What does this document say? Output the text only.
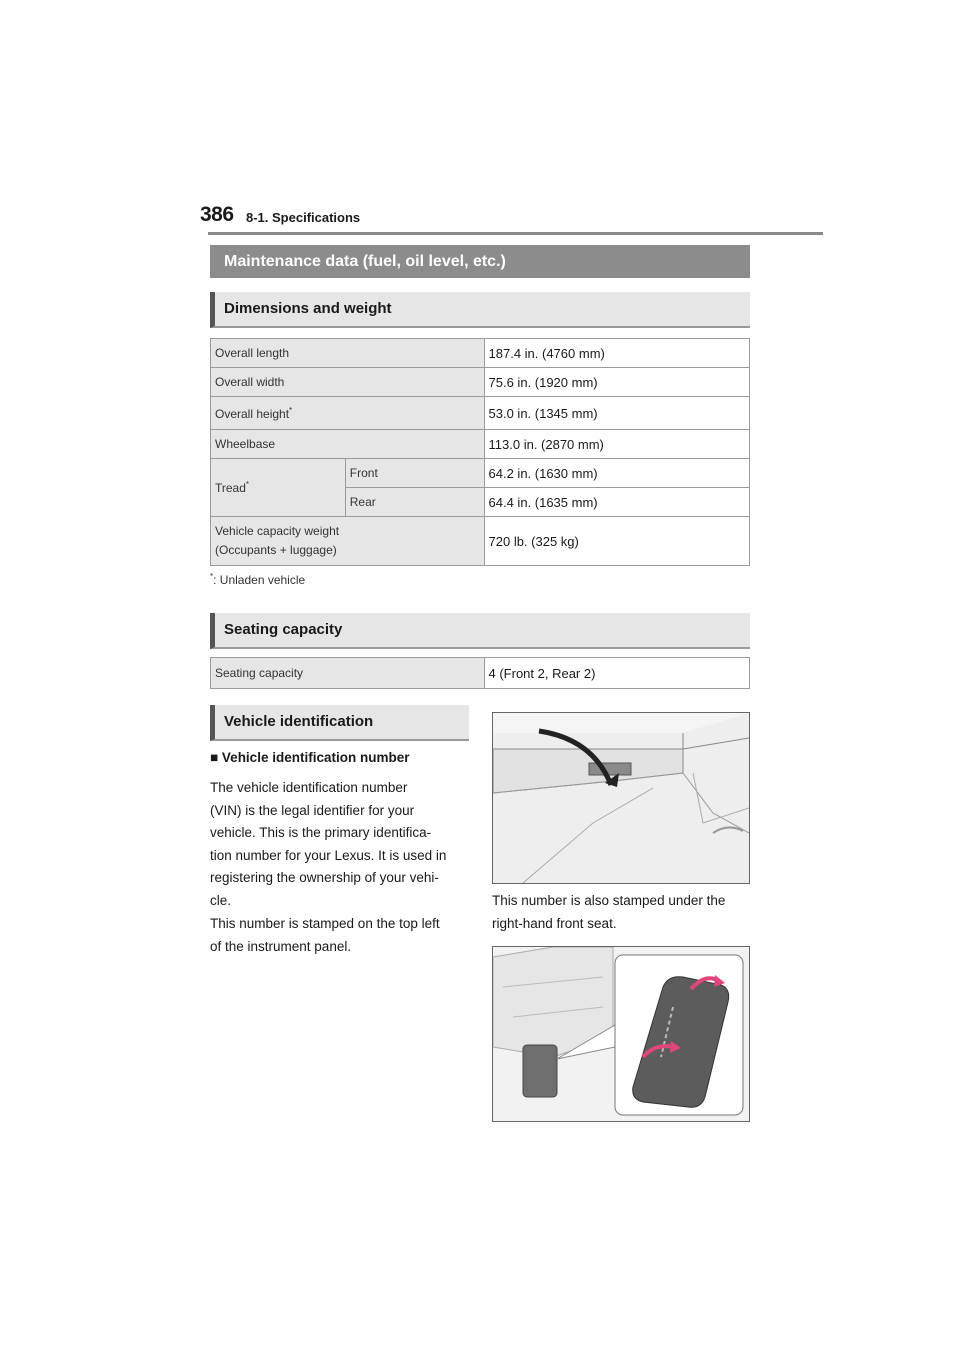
386 8-1. Specifications
Maintenance data (fuel, oil level, etc.)
Dimensions and weight
Overall length		187.4 in. (4760 mm)
Overall width		75.6 in. (1920 mm)
Overall height*		53.0 in. (1345 mm)
Wheelbase		113.0 in. (2870 mm)
Tread*	Front	64.2 in. (1630 mm)
	Rear	64.4 in. (1635 mm)

Vehicle capacity weight
(Occupants + luggage)		720 lb. (325 kg)
*: Unladen vehicle
Seating capacity
Seating capacity	4 (Front 2, Rear 2)
Vehicle identification
■ Vehicle identification number
The vehicle identification number
(VIN) is the legal identifier for your
vehicle. This is the primary identifica-
tion number for your Lexus. It is used in
registering the ownership of your vehi-
cle.
This number is stamped on the top left
of the instrument panel.
This number is also stamped under the
right-hand front seat.
